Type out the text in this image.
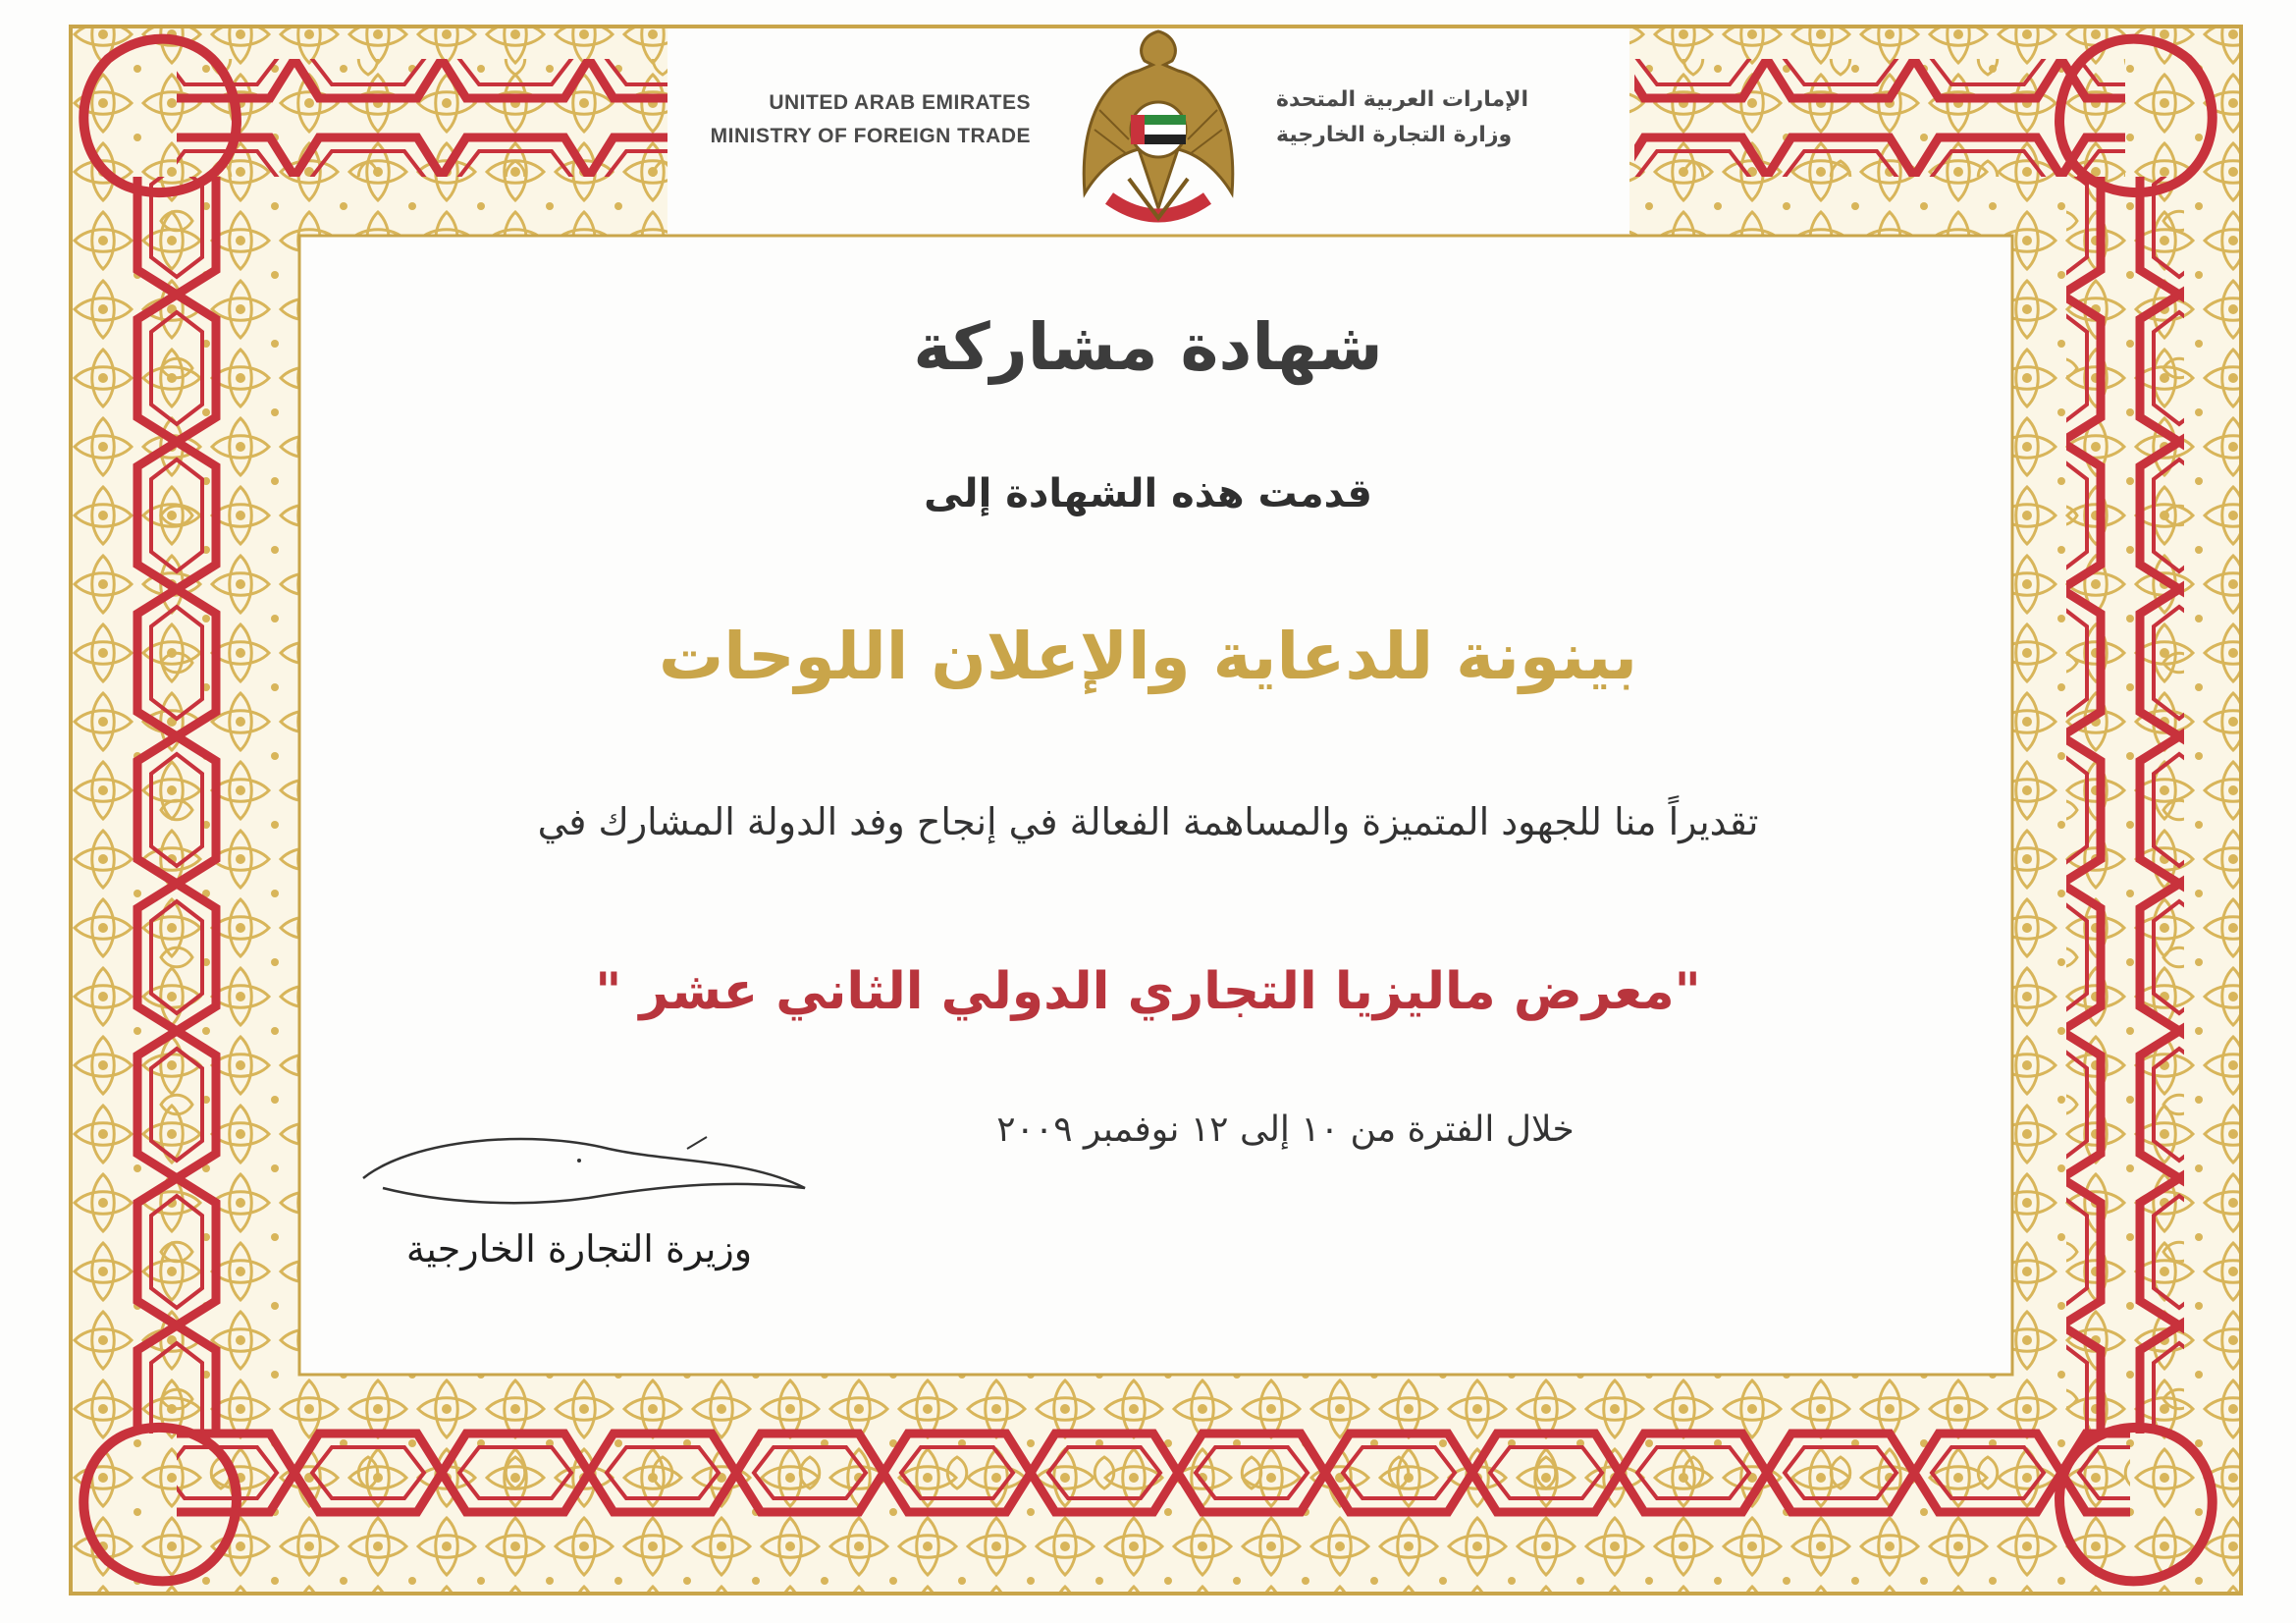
UNITED ARAB EMIRATES
MINISTRY OF FOREIGN TRADE
الإمارات العربية المتحدة
وزارة التجارة الخارجية

شهادة مشاركة

قدمت هذه الشهادة إلى

بينونة للدعاية والإعلان اللوحات

تقديراً منا للجهود المتميزة والمساهمة الفعالة في إنجاح وفد الدولة المشارك في

"معرض ماليزيا التجاري الدولي الثاني عشر "

خلال الفترة من ١٠ إلى ١٢ نوفمبر ٢٠٠٩

وزيرة التجارة الخارجية
